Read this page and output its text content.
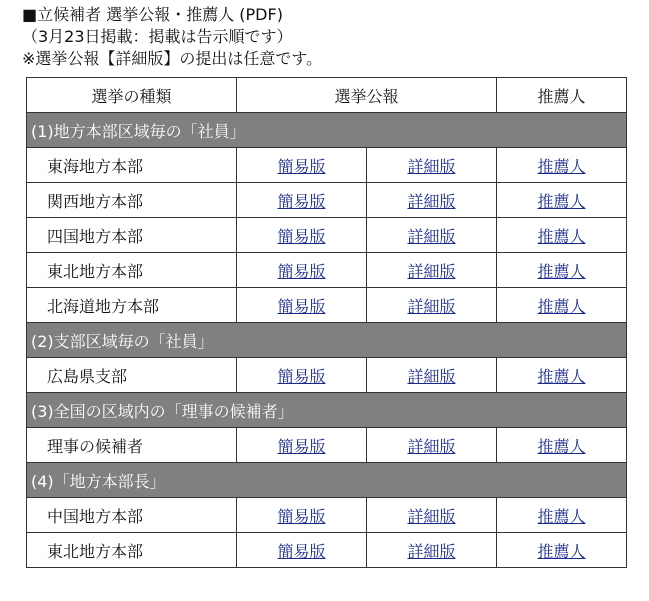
■立候補者 選挙公報・推薦人 (PDF)
（3月23日掲載：掲載は告示順です）
※選挙公報【詳細版】の提出は任意です。
選挙の種類	選挙公報		推薦人
(1)地方本部区域毎の「社員」			
東海地方本部	簡易版	詳細版	推薦人
関西地方本部	簡易版	詳細版	推薦人
四国地方本部	簡易版	詳細版	推薦人
東北地方本部	簡易版	詳細版	推薦人
北海道地方本部	簡易版	詳細版	推薦人
(2)支部区域毎の「社員」			
広島県支部	簡易版	詳細版	推薦人
(3)全国の区域内の「理事の候補者」			
理事の候補者	簡易版	詳細版	推薦人
(4)「地方本部長」			
中国地方本部	簡易版	詳細版	推薦人
東北地方本部	簡易版	詳細版	推薦人
